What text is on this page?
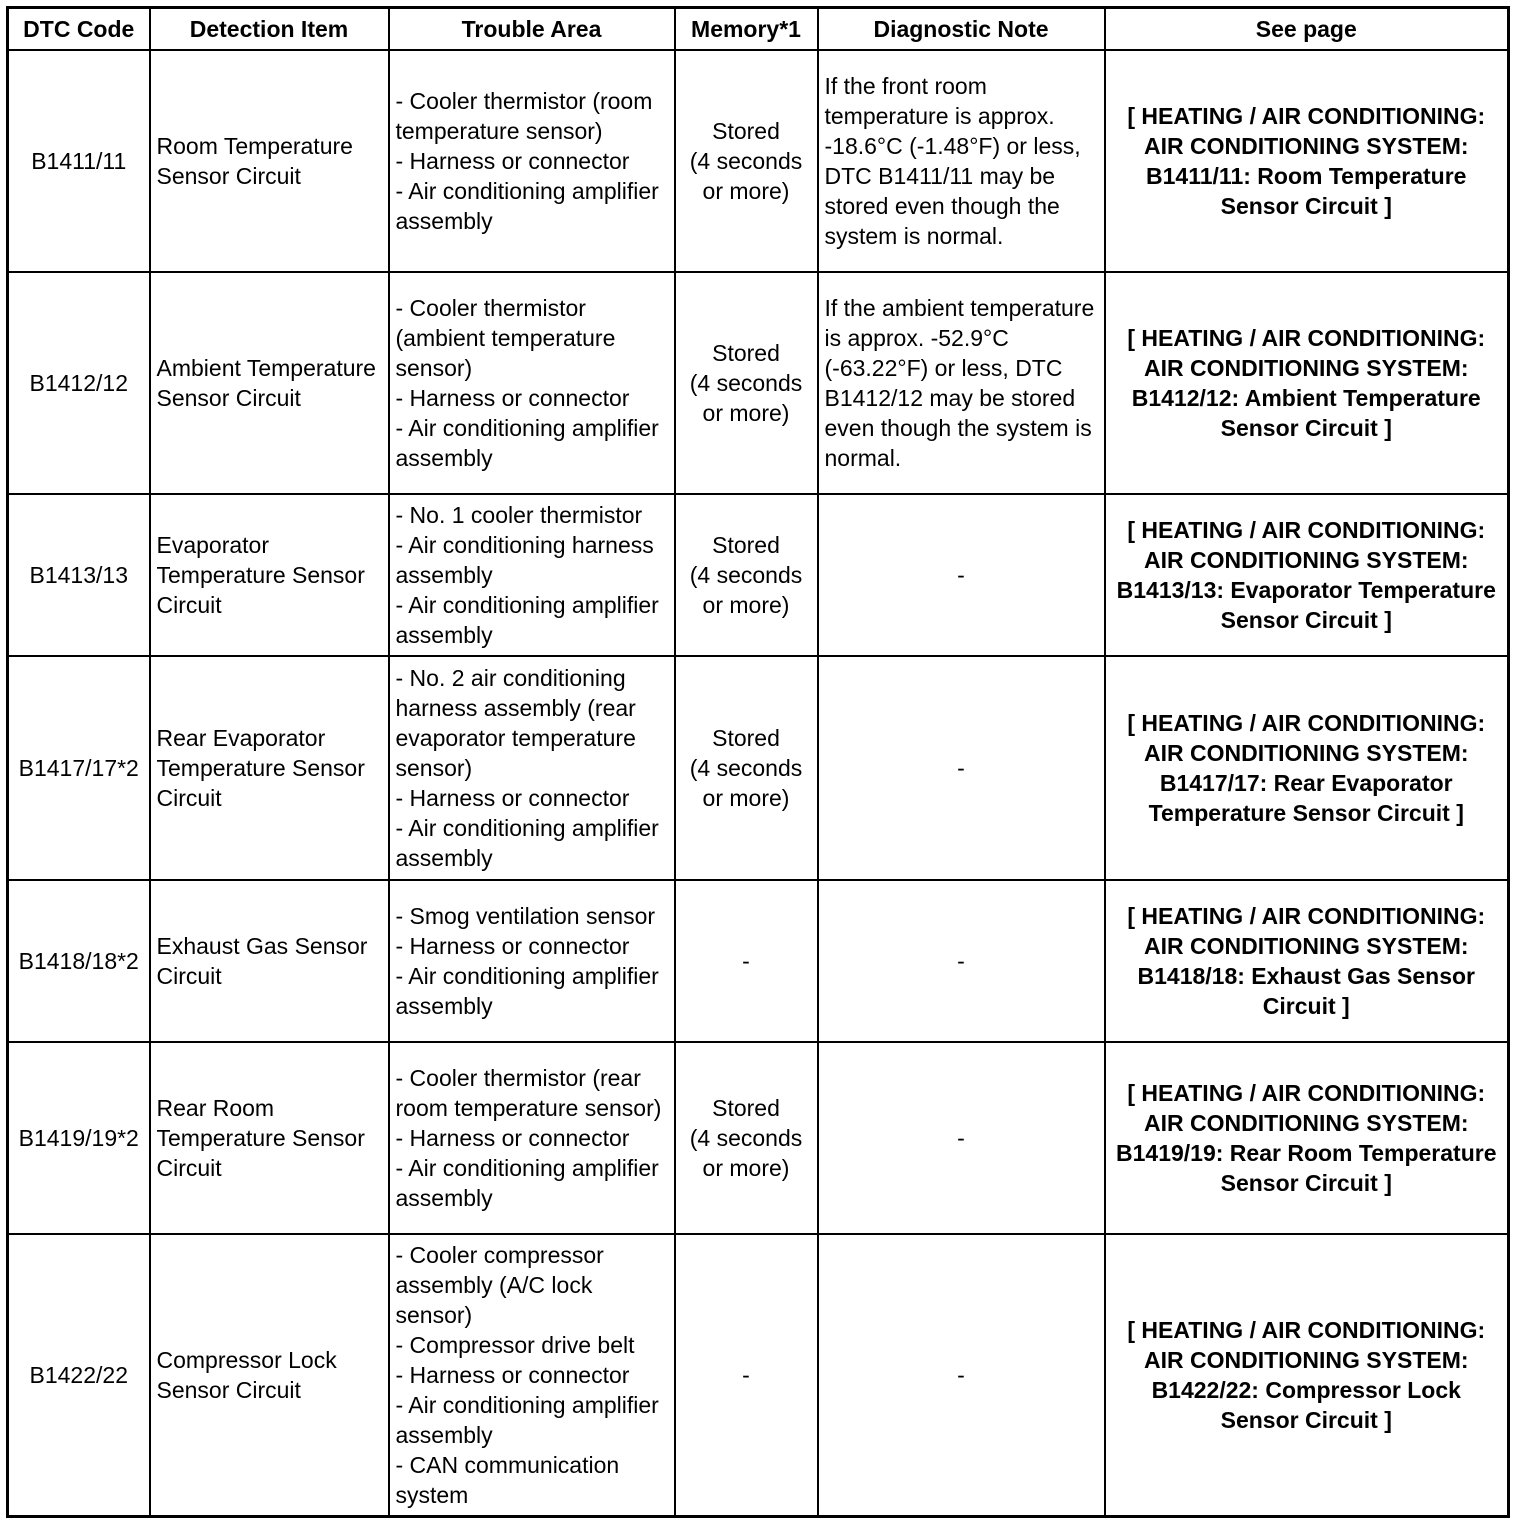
DTC Code	Detection Item	Trouble Area	Memory*1	Diagnostic Note	See page
B1411/11	Room Temperature Sensor Circuit	- Cooler thermistor (room temperature sensor)
- Harness or connector
- Air conditioning amplifier assembly	Stored
(4 seconds or more)	If the front room temperature is approx. -18.6°C (-1.48°F) or less, DTC B1411/11 may be stored even though the system is normal.	[ HEATING / AIR CONDITIONING: AIR CONDITIONING SYSTEM: B1411/11: Room Temperature Sensor Circuit ]
B1412/12	Ambient Temperature Sensor Circuit	- Cooler thermistor (ambient temperature sensor)
- Harness or connector
- Air conditioning amplifier assembly	Stored
(4 seconds or more)	If the ambient temperature is approx. -52.9°C (-63.22°F) or less, DTC B1412/12 may be stored even though the system is normal.	[ HEATING / AIR CONDITIONING: AIR CONDITIONING SYSTEM: B1412/12: Ambient Temperature Sensor Circuit ]
B1413/13	Evaporator Temperature Sensor Circuit	- No. 1 cooler thermistor
- Air conditioning harness assembly
- Air conditioning amplifier assembly	Stored
(4 seconds or more)	-	[ HEATING / AIR CONDITIONING: AIR CONDITIONING SYSTEM: B1413/13: Evaporator Temperature Sensor Circuit ]
B1417/17*2	Rear Evaporator Temperature Sensor Circuit	- No. 2 air conditioning harness assembly (rear evaporator temperature sensor)
- Harness or connector
- Air conditioning amplifier assembly	Stored
(4 seconds or more)	-	[ HEATING / AIR CONDITIONING: AIR CONDITIONING SYSTEM: B1417/17: Rear Evaporator Temperature Sensor Circuit ]
B1418/18*2	Exhaust Gas Sensor Circuit	- Smog ventilation sensor
- Harness or connector
- Air conditioning amplifier assembly	-	-	[ HEATING / AIR CONDITIONING: AIR CONDITIONING SYSTEM: B1418/18: Exhaust Gas Sensor Circuit ]
B1419/19*2	Rear Room Temperature Sensor Circuit	- Cooler thermistor (rear room temperature sensor)
- Harness or connector
- Air conditioning amplifier assembly	Stored
(4 seconds or more)	-	[ HEATING / AIR CONDITIONING: AIR CONDITIONING SYSTEM: B1419/19: Rear Room Temperature Sensor Circuit ]
B1422/22	Compressor Lock Sensor Circuit	- Cooler compressor assembly (A/C lock sensor)
- Compressor drive belt
- Harness or connector
- Air conditioning amplifier assembly
- CAN communication system	-	-	[ HEATING / AIR CONDITIONING: AIR CONDITIONING SYSTEM: B1422/22: Compressor Lock Sensor Circuit ]
